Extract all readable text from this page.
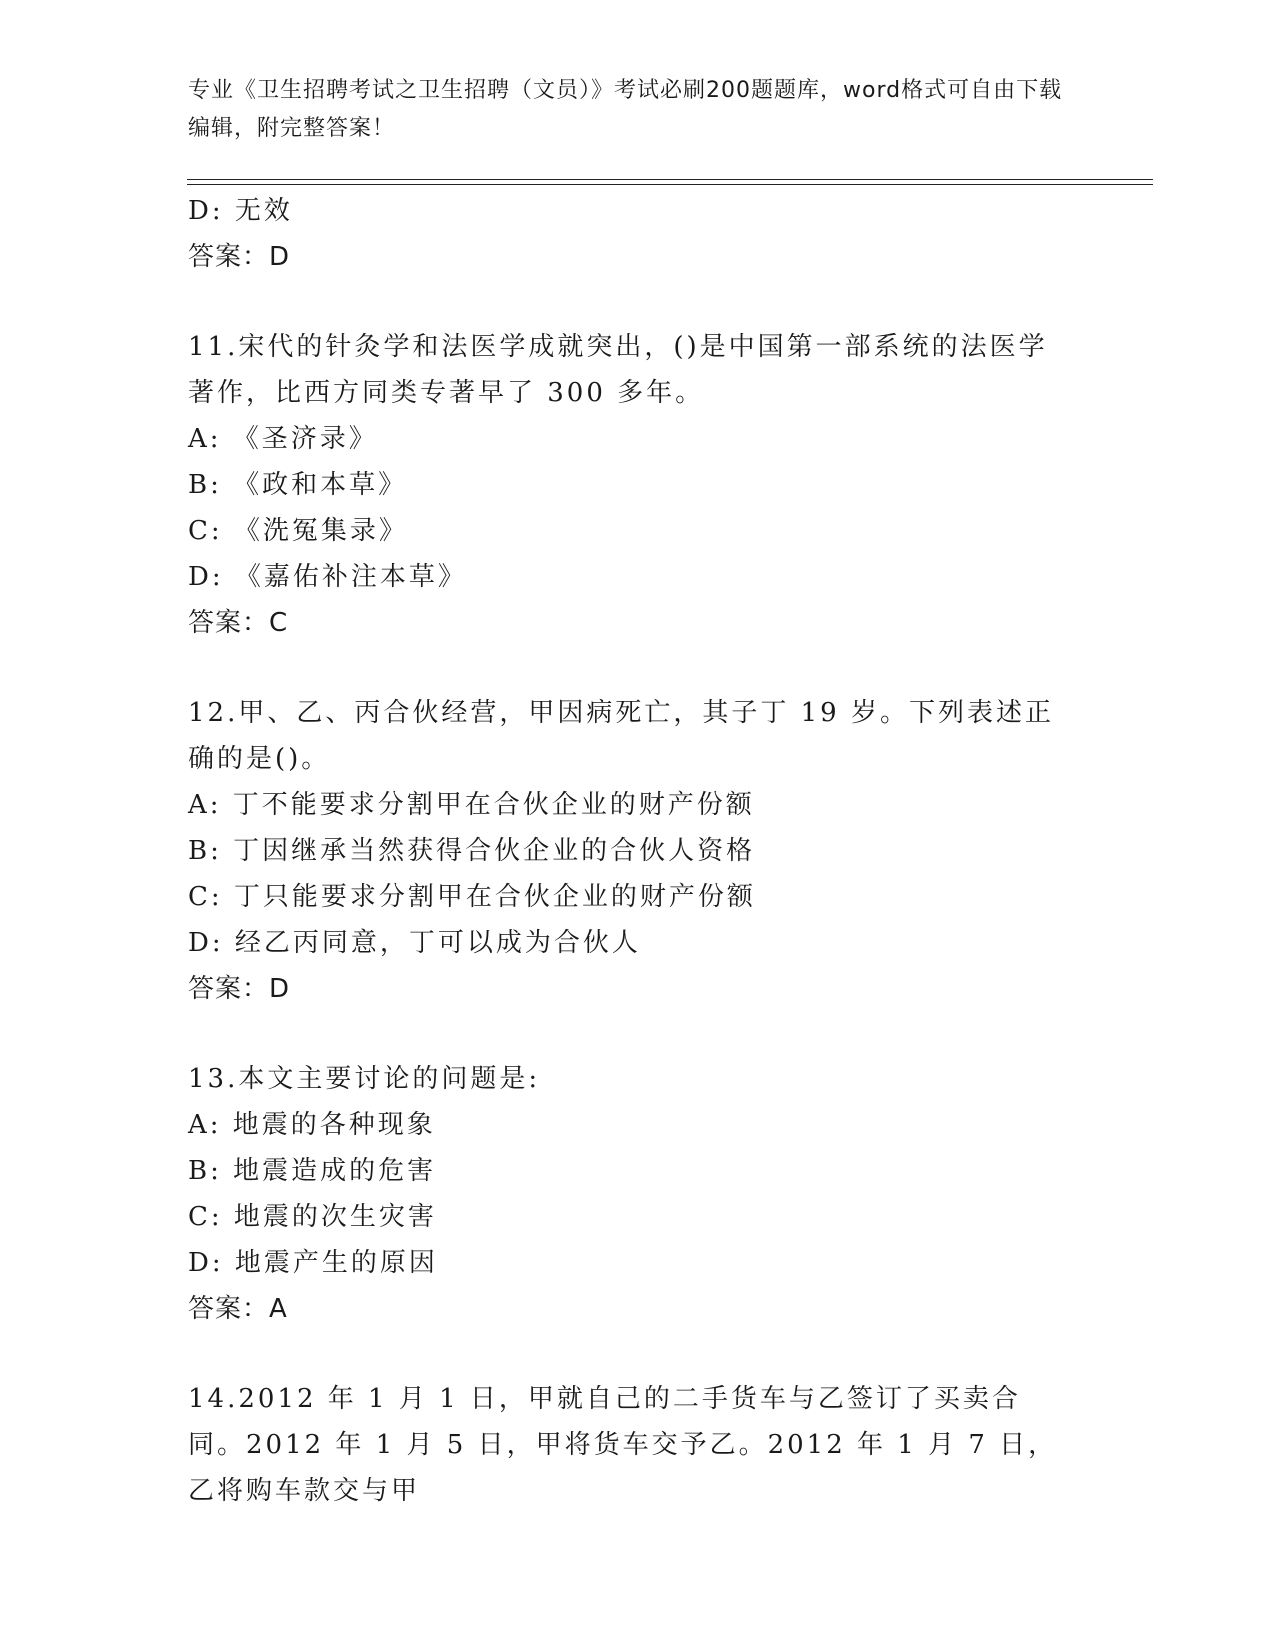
专业《卫生招聘考试之卫生招聘（文员）》考试必刷200题题库，word格式可自由下载编辑，附完整答案！
D: 无效
答案：D
11.宋代的针灸学和法医学成就突出，()是中国第一部系统的法医学著作，比西方同类专著早了 300 多年。
A: 《圣济录》
B: 《政和本草》
C: 《洗冤集录》
D: 《嘉佑补注本草》
答案：C
12.甲、乙、丙合伙经营，甲因病死亡，其子丁 19 岁。下列表述正确的是()。
A: 丁不能要求分割甲在合伙企业的财产份额
B: 丁因继承当然获得合伙企业的合伙人资格
C: 丁只能要求分割甲在合伙企业的财产份额
D: 经乙丙同意，丁可以成为合伙人
答案：D
13.本文主要讨论的问题是:
A: 地震的各种现象
B: 地震造成的危害
C: 地震的次生灾害
D: 地震产生的原因
答案：A
14.2012 年 1 月 1 日，甲就自己的二手货车与乙签订了买卖合同。2012 年 1 月 5 日，甲将货车交予乙。2012 年 1 月 7 日，乙将购车款交与甲
